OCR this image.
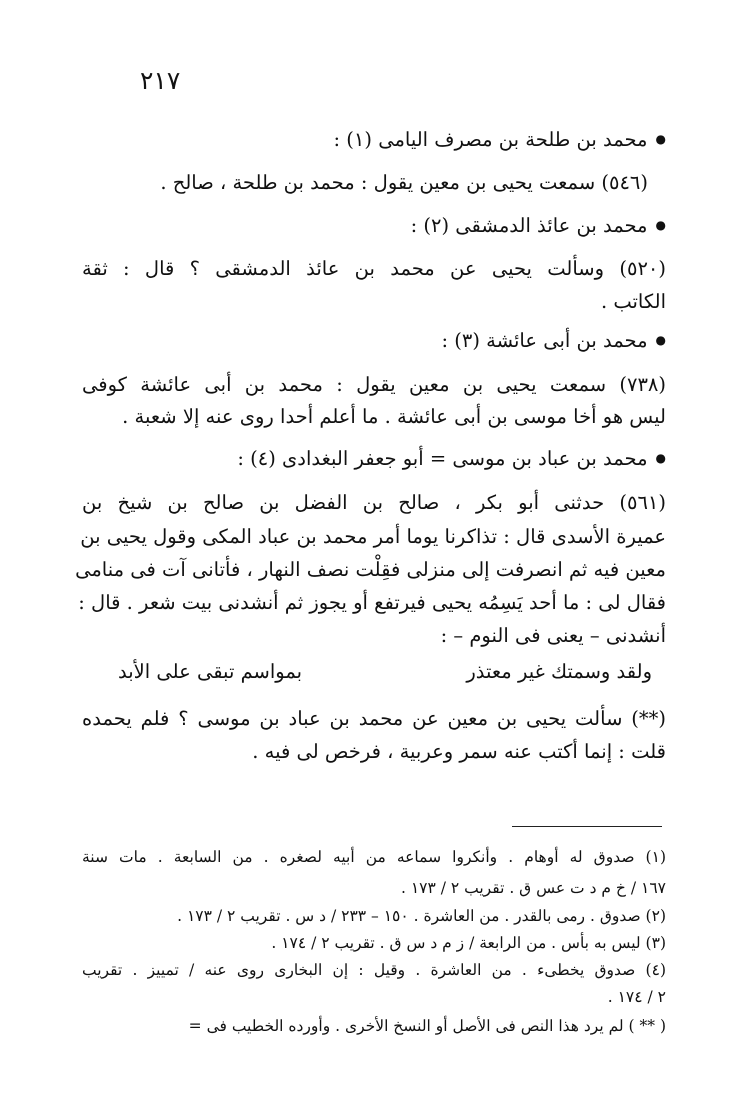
٢١٧
● محمد بن طلحة بن مصرف اليامى (١) :
(٥٤٦) سمعت يحيى بن معين يقول : محمد بن طلحة ، صالح .
● محمد بن عائذ الدمشقى (٢) :
(٥٢٠) وسألت يحيى عن محمد بن عائذ الدمشقى ؟ قال : ثقة
الكاتب .
● محمد بن أبى عائشة (٣) :
(٧٣٨) سمعت يحيى بن معين يقول : محمد بن أبى عائشة كوفى
ليس هو أخا موسى بن أبى عائشة . ما أعلم أحدا روى عنه إلا شعبة .
● محمد بن عباد بن موسى = أبو جعفر البغدادى (٤) :
(٥٦١) حدثنى أبو بكر ، صالح بن الفضل بن صالح بن شيخ بن
عميرة الأسدى قال : تذاكرنا يوما أمر محمد بن عباد المكى وقول يحيى بن
معين فيه ثم انصرفت إلى منزلى فقِلْت نصف النهار ، فأتانى آت فى منامى
فقال لى : ما أحد يَسِمُه يحيى فيرتفع أو يجوز ثم أنشدنى بيت شعر . قال :
أنشدنى – يعنى فى النوم – :
ولقد وسمتك غير معتذر
بمواسم تبقى على الأبد
(**) سألت يحيى بن معين عن محمد بن عباد بن موسى ؟ فلم يحمده
قلت : إنما أكتب عنه سمر وعربية ، فرخص لى فيه .
(١) صدوق له أوهام . وأنكروا سماعه من أبيه لصغره . من السابعة . مات سنة
١٦٧ / خ م د ت عس ق . تقريب ٢ / ١٧٣ .
(٢) صدوق . رمى بالقدر . من العاشرة . ١٥٠ – ٢٣٣ / د س . تقريب ٢ / ١٧٣ .
(٣) ليس به بأس . من الرابعة / ز م د س ق . تقريب ٢ / ١٧٤ .
(٤) صدوق يخطىء . من العاشرة . وقيل : إن البخارى روى عنه / تمييز . تقريب
٢ / ١٧٤ .
( ** ) لم يرد هذا النص فى الأصل أو النسخ الأخرى . وأورده الخطيب فى =
